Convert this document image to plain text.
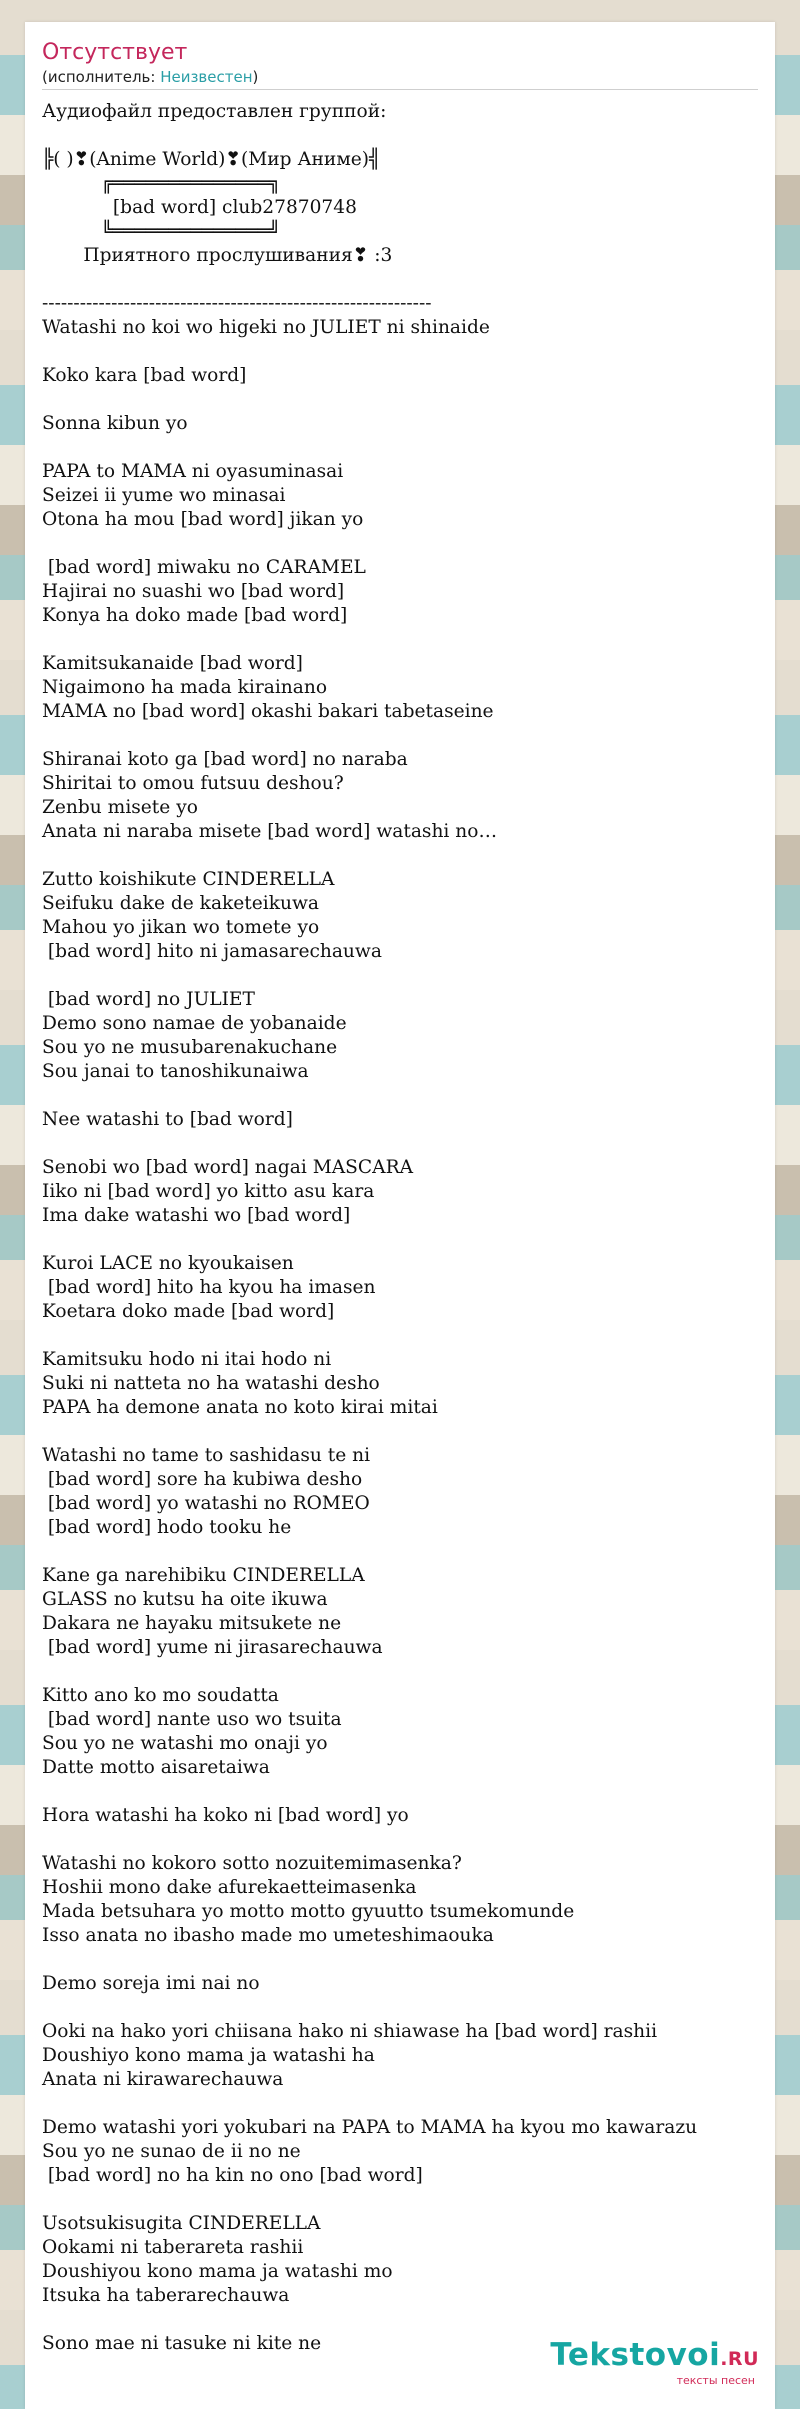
Отсутствует
(исполнитель: Неизвестен)
Аудиофайл предоставлен группой:

╠( )❣(Anime World)❣(Мир Аниме)╣
╔══════════════╗
[bad word] club27870748
╚══════════════╝
Приятного прослушивания❣ :3

--------------------------------------------------------------
Watashi no koi wo higeki no JULIET ni shinaide

Koko kara [bad word]

Sonna kibun yo

PAPA to MAMA ni oyasuminasai
Seizei ii yume wo minasai
Otona ha mou [bad word] jikan yo

[bad word] miwaku no CARAMEL
Hajirai no suashi wo [bad word]
Konya ha doko made [bad word]

Kamitsukanaide [bad word]
Nigaimono ha mada kirainano
MAMA no [bad word] okashi bakari tabetaseine

Shiranai koto ga [bad word] no naraba
Shiritai to omou futsuu deshou?
Zenbu misete yo
Anata ni naraba misete [bad word] watashi no…

Zutto koishikute CINDERELLA
Seifuku dake de kaketeikuwa
Mahou yo jikan wo tomete yo
[bad word] hito ni jamasarechauwa

[bad word] no JULIET
Demo sono namae de yobanaide
Sou yo ne musubarenakuchane
Sou janai to tanoshikunaiwa

Nee watashi to [bad word]

Senobi wo [bad word] nagai MASCARA
Iiko ni [bad word] yo kitto asu kara
Ima dake watashi wo [bad word]

Kuroi LACE no kyoukaisen
[bad word] hito ha kyou ha imasen
Koetara doko made [bad word]

Kamitsuku hodo ni itai hodo ni
Suki ni natteta no ha watashi desho
PAPA ha demone anata no koto kirai mitai

Watashi no tame to sashidasu te ni
[bad word] sore ha kubiwa desho
[bad word] yo watashi no ROMEO
[bad word] hodo tooku he

Kane ga narehibiku CINDERELLA
GLASS no kutsu ha oite ikuwa
Dakara ne hayaku mitsukete ne
[bad word] yume ni jirasarechauwa

Kitto ano ko mo soudatta
[bad word] nante uso wo tsuita
Sou yo ne watashi mo onaji yo
Datte motto aisaretaiwa

Hora watashi ha koko ni [bad word] yo

Watashi no kokoro sotto nozuitemimasenka?
Hoshii mono dake afurekaetteimasenka
Mada betsuhara yo motto motto gyuutto tsumekomunde
Isso anata no ibasho made mo umeteshimaouka

Demo soreja imi nai no

Ooki na hako yori chiisana hako ni shiawase ha [bad word] rashii
Doushiyo kono mama ja watashi ha
Anata ni kirawarechauwa

Demo watashi yori yokubari na PAPA to MAMA ha kyou mo kawarazu
Sou yo ne sunao de ii no ne
[bad word] no ha kin no ono [bad word]

Usotsukisugita CINDERELLA
Ookami ni taberareta rashii
Doushiyou kono mama ja watashi mo
Itsuka ha taberarechauwa

Sono mae ni tasuke ni kite ne	Tekstovoi.RU
тексты песен
